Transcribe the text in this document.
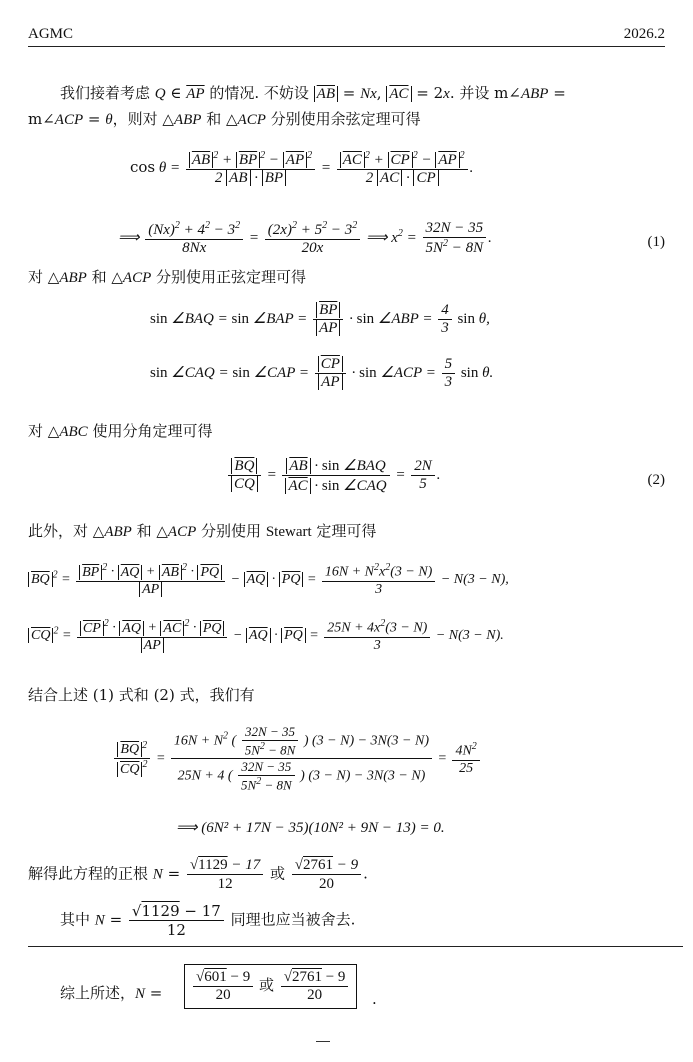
AGMC	2026.2
我们接着考虑 Q ∈ $\overline{AP}$ 的情况. 不妨设 $\overline{AB} = Nx$, $\overline{AC} = 2x$. 并设 m∠ABP =
m∠ACP = θ，则对 △ABP 和 △ACP 分别使用余弦定理可得
$\cos \theta = \frac{\overline{AB} ^2 + \overline{BP} ^2 - \overline{AP} ^2}{2 \overline{AB} \cdot \overline{BP}} = \frac{\overline{AC} ^2 + \overline{CP} ^2 - \overline{AP} ^2}{2 \overline{AC} \cdot \overline{CP}}$ .
⟹ $\frac{(Nx)^2 + 4^2 - 3^2}{8Nx} = \frac{(2x)^2 + 5^2 - 3^2}{20x}$ ⟹ $x^2 = \frac{32N - 35}{5N^2 - 8N}$ .	(1)
对 △ABP 和 △ACP 分别使用正弦定理可得
sin ∠BAQ = sin ∠BAP = $\frac{\overline{BP}}{AP} \cdot \sin$ ∠ABP = $\frac{4}{3}$ sin θ,
sin ∠CAQ = sin ∠CAP = $\frac{\overline{CP}}{AP} \cdot \sin$ ∠ACP = $\frac{5}{3}$ sin θ.
对 △ABC 使用分角定理可得
$\frac{\overline{BQ}}{CQ} = \frac{\overline{AB} \cdot \sin \angle BAQ}{\overline{AC} \cdot \sin \angle CAQ} = \frac{2N}{5}$ .	(2)
此外，对 △ABP 和 △ACP 分别使用 Stewart 定理可得
$\overline{BQ}$ $^2 = \frac{\overline{BP} ^2 \cdot \overline{AQ} + \overline{AB} ^2 \cdot \overline{PQ}}{AP} - \overline{AQ} \cdot \overline{PQ} = \frac{16N + N^2x^2(3 - N)}{3} - N(3 - N)$,
$\overline{CQ}$ $^2 = \frac{\overline{CP} ^2 \cdot \overline{AQ} + \overline{AC} ^2 \cdot \overline{PQ}}{AP} - \overline{AQ} \cdot \overline{PQ} = \frac{25N + 4x^2(3 - N)}{3} - N(3 - N)$.
结合上述 (1) 式和 (2) 式，我们有
$\frac{\overline{BQ} ^2}{\overline{CQ} ^2} = \frac{16N + N^2 ( \frac{32N - 35}{5N^2 - 8N} ) (3 - N) - 3N(3 - N)}{25N + 4 ( \frac{32N - 35}{5N^2 - 8N} ) (3 - N) - 3N(3 - N)} = \frac{4N^2}{25}$
⟹ (6N² + 17N − 35)(10N² + 9N − 13) = 0.
解得此方程的正根 $N = \frac{√1129 - 17}{12}$ 或 $\frac{√2761 - 9}{20}$ .
其中 $N = \frac{√1129 - 17}{12}$ 同理也应当被舍去.
综上所述，$N = \frac{√601 - 9}{20}$ 或 $\frac{√2761 - 9}{20}$ .
